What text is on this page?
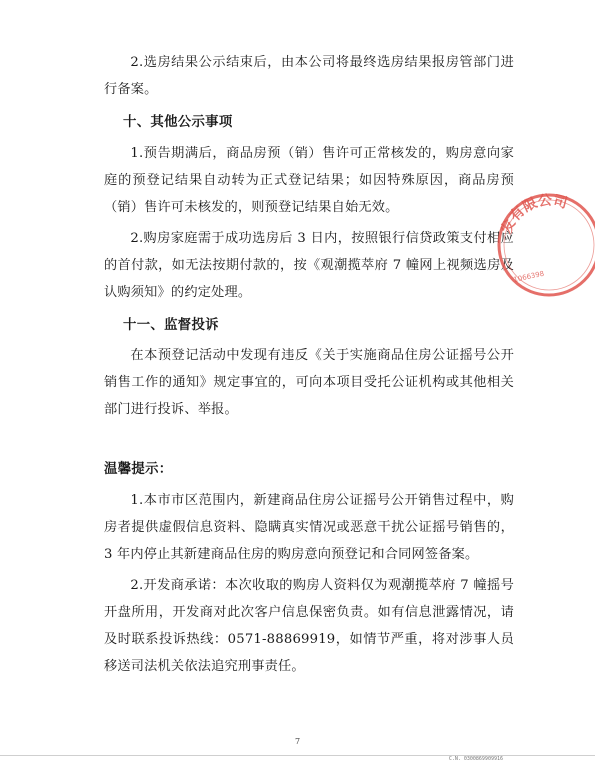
2.选房结果公示结束后，由本公司将最终选房结果报房管部门进行备案。

十、其他公示事项

1.预告期满后，商品房预（销）售许可正常核发的，购房意向家庭的预登记结果自动转为正式登记结果；如因特殊原因，商品房预（销）售许可未核发的，则预登记结果自始无效。

2.购房家庭需于成功选房后 3 日内，按照银行信贷政策支付相应的首付款，如无法按期付款的，按《观潮揽萃府 7 幢网上视频选房及认购须知》的约定处理。

十一、监督投诉

在本预登记活动中发现有违反《关于实施商品住房公证摇号公开销售工作的通知》规定事宜的，可向本项目受托公证机构或其他相关部门进行投诉、举报。

温馨提示：

1.本市市区范围内，新建商品住房公证摇号公开销售过程中，购房者提供虚假信息资料、隐瞒真实情况或恶意干扰公证摇号销售的，3 年内停止其新建商品住房的购房意向预登记和合同网签备案。

2.开发商承诺：本次收取的购房人资料仅为观潮揽萃府 7 幢摇号开盘所用，开发商对此次客户信息保密负责。如有信息泄露情况，请及时联系投诉热线：0571-88869919，如情节严重，将对涉事人员移送司法机关依法追究刑事责任。

发有限公司
1066398
7
C.N. 0300869909916
